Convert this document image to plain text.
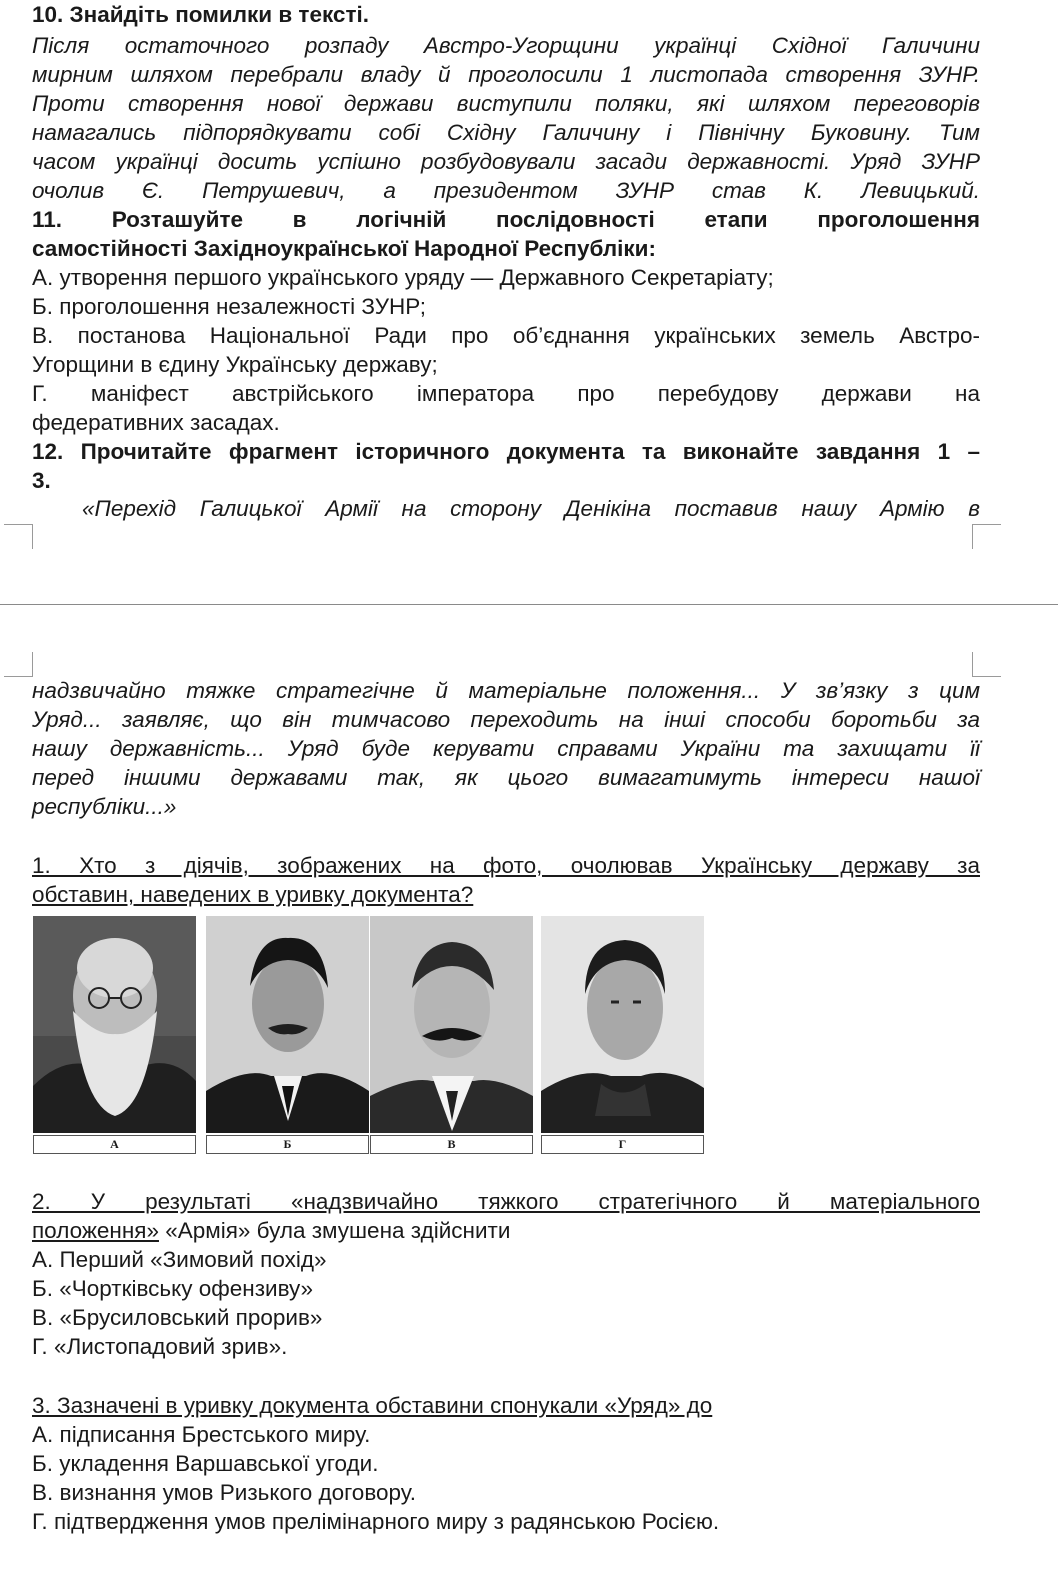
10. Знайдіть помилки в тексті.
Після остаточного розпаду Австро-Угорщини українці Східної Галичини
мирним шляхом перебрали владу й проголосили 1 листопада створення ЗУНР.
Проти створення нової держави виступили поляки, які шляхом переговорів
намагались підпорядкувати собі Східну Галичину і Північну Буковину. Тим
часом українці досить успішно розбудовували засади державності. Уряд ЗУНР
очолив Є. Петрушевич, а президентом ЗУНР став К. Левицький.
11. Розташуйте в логічній послідовності етапи проголошення
самостійності Західноукраїнської Народної Республіки:
А. утворення першого українського уряду — Державного Секретаріату;
Б. проголошення незалежності ЗУНР;
В. постанова Національної Ради про об’єднання українських земель Австро-
Угорщини в єдину Українську державу;
Г. маніфест австрійського імператора про перебудову держави на
федеративних засадах.
12. Прочитайте фрагмент історичного документа та виконайте завдання 1 –
3.
«Перехід Галицької Армії на сторону Денікіна поставив нашу Армію в
надзвичайно тяжке стратегічне й матеріальне положення... У зв’язку з цим
Уряд... заявляє, що він тимчасово переходить на інші способи боротьби за
нашу державність... Уряд буде керувати справами України та захищати її
перед іншими державами так, як цього вимагатимуть інтереси нашої
республіки...»
1. Хто з діячів, зображених на фото, очолював Українську державу за
обставин, наведених в уривку документа?
А	Б	В	Г
2. У результаті «надзвичайно тяжкого стратегічного й матеріального
положення» «Армія» була змушена здійснити
А. Перший «Зимовий похід»
Б. «Чортківську офензиву»
В. «Брусиловський прорив»
Г. «Листопадовий зрив».
3. Зазначені в уривку документа обставини спонукали «Уряд» до
А. підписання Брестського миру.
Б. укладення Варшавської угоди.
В. визнання умов Ризького договору.
Г. підтвердження умов прелімінарного миру з радянською Росією.
